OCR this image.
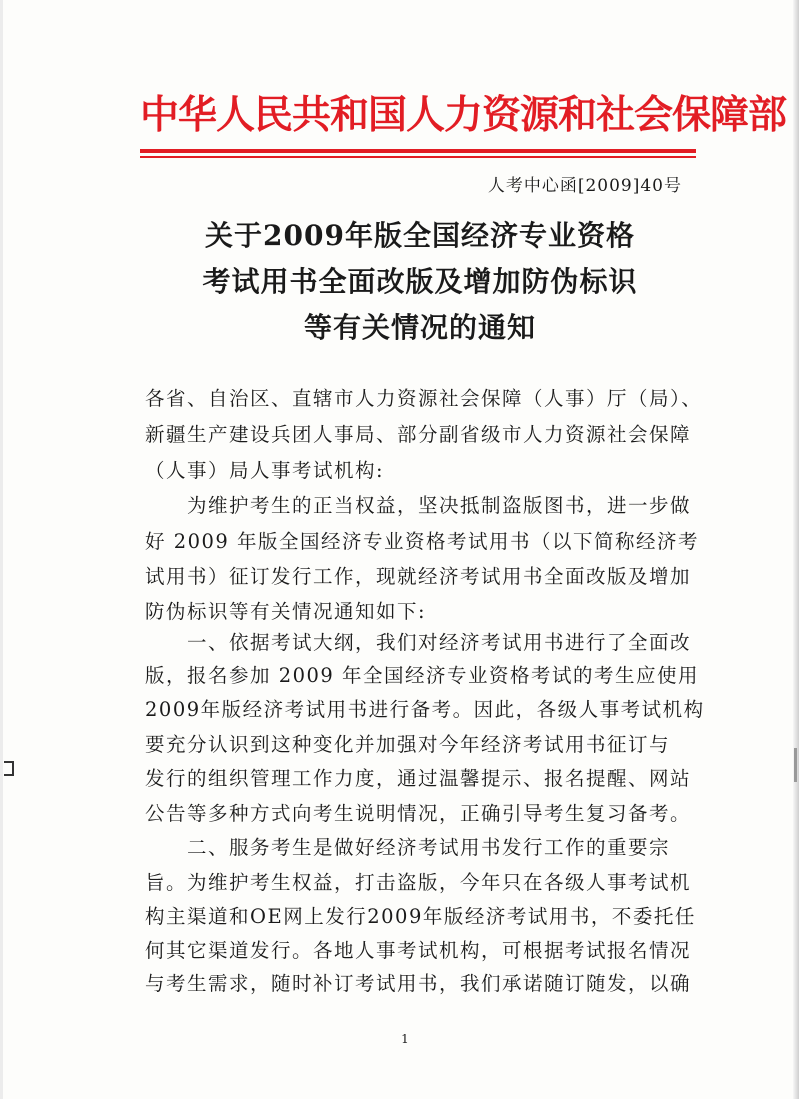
中华人民共和国人力资源和社会保障部
人考中心函[2009]40号
关于2009年版全国经济专业资格
考试用书全面改版及增加防伪标识
等有关情况的通知
各省、自治区、直辖市人力资源社会保障（人事）厅（局）、
新疆生产建设兵团人事局、部分副省级市人力资源社会保障
（人事）局人事考试机构:
　　为维护考生的正当权益，坚决抵制盗版图书，进一步做
好 2009 年版全国经济专业资格考试用书（以下简称经济考
试用书）征订发行工作，现就经济考试用书全面改版及增加
防伪标识等有关情况通知如下:
　　一、依据考试大纲，我们对经济考试用书进行了全面改
版，报名参加 2009 年全国经济专业资格考试的考生应使用
2009年版经济考试用书进行备考。因此，各级人事考试机构
要充分认识到这种变化并加强对今年经济考试用书征订与
发行的组织管理工作力度，通过温馨提示、报名提醒、网站
公告等多种方式向考生说明情况，正确引导考生复习备考。
　　二、服务考生是做好经济考试用书发行工作的重要宗
旨。为维护考生权益，打击盗版，今年只在各级人事考试机
构主渠道和OE网上发行2009年版经济考试用书，不委托任
何其它渠道发行。各地人事考试机构，可根据考试报名情况
与考生需求，随时补订考试用书，我们承诺随订随发，以确
1
